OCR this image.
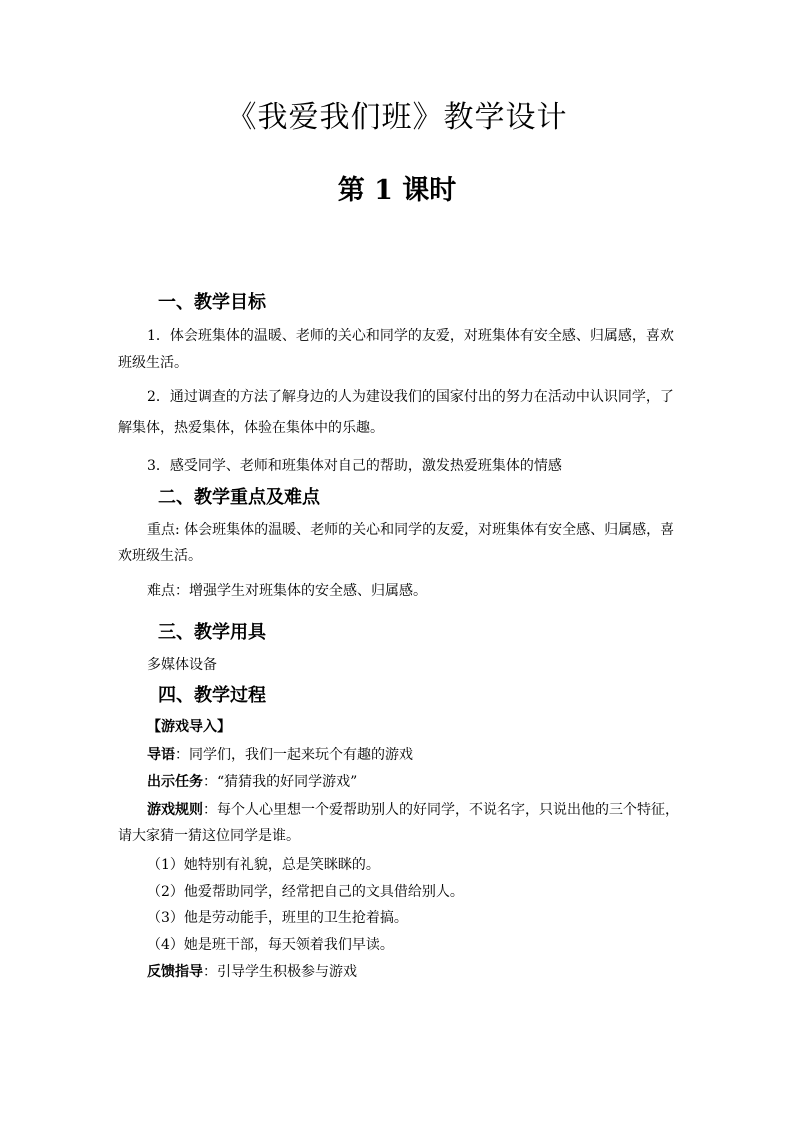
《我爱我们班》教学设计
第 1 课时
一、教学目标
1．体会班集体的温暖、老师的关心和同学的友爱，对班集体有安全感、归属感，喜欢
班级生活。
2．通过调查的方法了解身边的人为建设我们的国家付出的努力在活动中认识同学，了
解集体，热爱集体，体验在集体中的乐趣。
3．感受同学、老师和班集体对自己的帮助，激发热爱班集体的情感
二、教学重点及难点
重点: 体会班集体的温暖、老师的关心和同学的友爱，对班集体有安全感、归属感，喜
欢班级生活。
难点：增强学生对班集体的安全感、归属感。
三、教学用具
多媒体设备
四、教学过程
【游戏导入】
导语：同学们，我们一起来玩个有趣的游戏
出示任务：“猜猜我的好同学游戏”
游戏规则：每个人心里想一个爱帮助别人的好同学，不说名字，只说出他的三个特征，
请大家猜一猜这位同学是谁。
（1）她特别有礼貌，总是笑眯眯的。
（2）他爱帮助同学，经常把自己的文具借给别人。
（3）他是劳动能手，班里的卫生抢着搞。
（4）她是班干部，每天领着我们早读。
反馈指导：引导学生积极参与游戏
